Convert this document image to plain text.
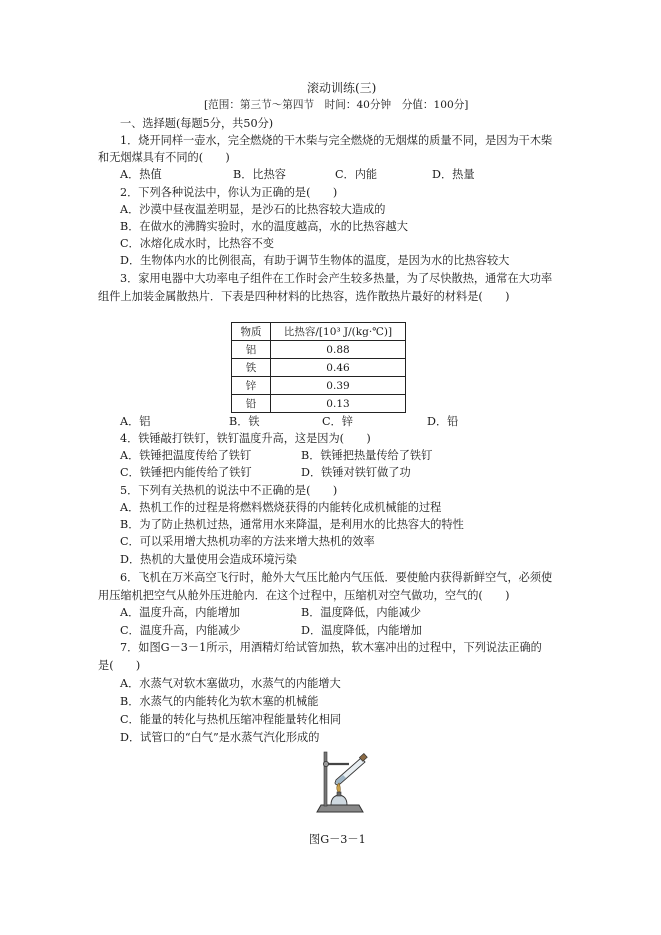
滚动训练(三)
[范围：第三节～第四节　时间：40分钟　分值：100分]
一、选择题(每题5分，共50分)
1．烧开同样一壶水，完全燃烧的干木柴与完全燃烧的无烟煤的质量不同，是因为干木柴
和无烟煤具有不同的(　　)
A．热值	B．比热容	C．内能	D．热量
2．下列各种说法中，你认为正确的是(　　)
A．沙漠中昼夜温差明显，是沙石的比热容较大造成的
B．在做水的沸腾实验时，水的温度越高，水的比热容越大
C．冰熔化成水时，比热容不变
D．生物体内水的比例很高，有助于调节生物体的温度，是因为水的比热容较大
3．家用电器中大功率电子组件在工作时会产生较多热量，为了尽快散热，通常在大功率
组件上加装金属散热片．下表是四种材料的比热容，选作散热片最好的材料是(　　)
物质	比热容/[10³ J/(kg·℃)]
铝	0.88
铁	0.46
锌	0.39
铅	0.13
A．铝	B．铁	C．锌	D．铅
4．铁锤敲打铁钉，铁钉温度升高，这是因为(　　)
A．铁锤把温度传给了铁钉	B．铁锤把热量传给了铁钉
C．铁锤把内能传给了铁钉	D．铁锤对铁钉做了功
5．下列有关热机的说法中不正确的是(　　)
A．热机工作的过程是将燃料燃烧获得的内能转化成机械能的过程
B．为了防止热机过热，通常用水来降温，是利用水的比热容大的特性
C．可以采用增大热机功率的方法来增大热机的效率
D．热机的大量使用会造成环境污染
6．飞机在万米高空飞行时，舱外大气压比舱内气压低．要使舱内获得新鲜空气，必须使
用压缩机把空气从舱外压进舱内．在这个过程中，压缩机对空气做功，空气的(　　)
A．温度升高，内能增加	B．温度降低，内能减少
C．温度升高，内能减少	D．温度降低，内能增加
7．如图G－3－1所示，用酒精灯给试管加热，软木塞冲出的过程中，下列说法正确的
是(　　)
A．水蒸气对软木塞做功，水蒸气的内能增大
B．水蒸气的内能转化为软木塞的机械能
C．能量的转化与热机压缩冲程能量转化相同
D．试管口的“白气”是水蒸气汽化形成的
图G－3－1
